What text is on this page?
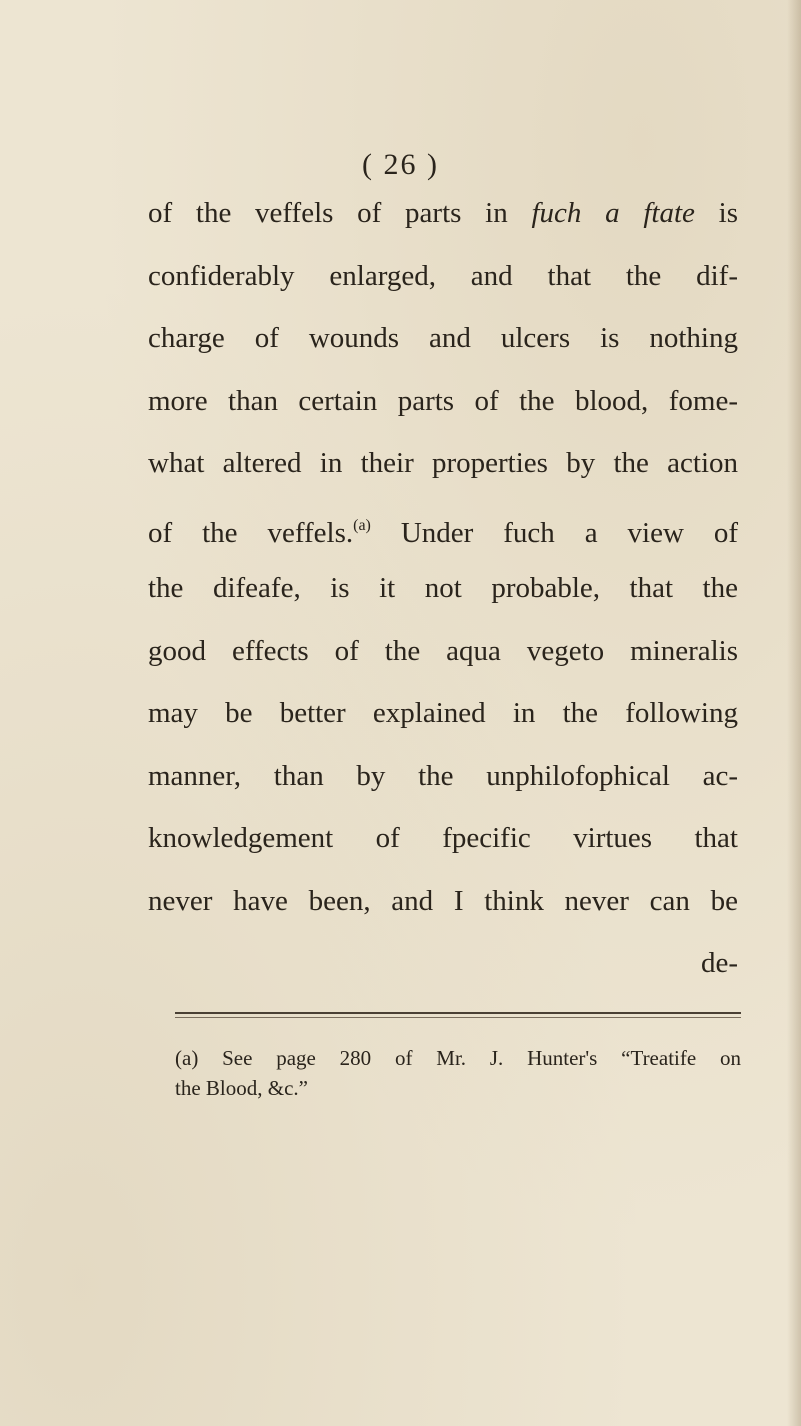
( 26 )
of the veffels of parts in fuch a ftate is
confiderably enlarged, and that the dif-
charge of wounds and ulcers is nothing
more than certain parts of the blood, fome-
what altered in their properties by the action
of the veffels.$^{(a)}$ Under fuch a view of
the difeafe, is it not probable, that the
good effects of the aqua vegeto mineralis
may be better explained in the following
manner, than by the unphilofophical ac-
knowledgement of fpecific virtues that
never have been, and I think never can be
de-
(a) See page 280 of Mr. J. Hunter's “Treatife on
the Blood, &c.”
